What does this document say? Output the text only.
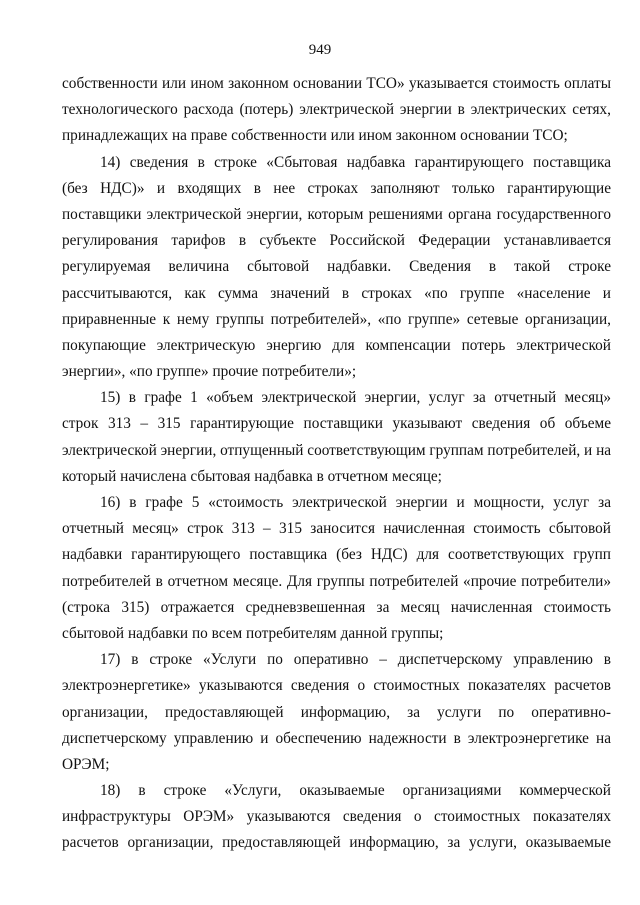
949
собственности или ином законном основании ТСО» указывается стоимость оплаты
технологического расхода (потерь) электрической энергии в электрических сетях,
принадлежащих на праве собственности или ином законном основании ТСО;
14) сведения в строке «Сбытовая надбавка гарантирующего поставщика
(без НДС)» и входящих в нее строках заполняют только гарантирующие
поставщики электрической энергии, которым решениями органа государственного
регулирования тарифов в субъекте Российской Федерации устанавливается
регулируемая величина сбытовой надбавки. Сведения в такой строке
рассчитываются, как сумма значений в строках «по группе «население и
приравненные к нему группы потребителей», «по группе» сетевые организации,
покупающие электрическую энергию для компенсации потерь электрической
энергии», «по группе» прочие потребители»;
15) в графе 1 «объем электрической энергии, услуг за отчетный месяц»
строк 313 – 315 гарантирующие поставщики указывают сведения об объеме
электрической энергии, отпущенный соответствующим группам потребителей, и на
который начислена сбытовая надбавка в отчетном месяце;
16) в графе 5 «стоимость электрической энергии и мощности, услуг за
отчетный месяц» строк 313 – 315 заносится начисленная стоимость сбытовой
надбавки гарантирующего поставщика (без НДС) для соответствующих групп
потребителей в отчетном месяце. Для группы потребителей «прочие потребители»
(строка 315) отражается средневзвешенная за месяц начисленная стоимость
сбытовой надбавки по всем потребителям данной группы;
17) в строке «Услуги по оперативно – диспетчерскому управлению в
электроэнергетике» указываются сведения о стоимостных показателях расчетов
организации, предоставляющей информацию, за услуги по оперативно-
диспетчерскому управлению и обеспечению надежности в электроэнергетике на
ОРЭМ;
18) в строке «Услуги, оказываемые организациями коммерческой
инфраструктуры ОРЭМ» указываются сведения о стоимостных показателях
расчетов организации, предоставляющей информацию, за услуги, оказываемые
